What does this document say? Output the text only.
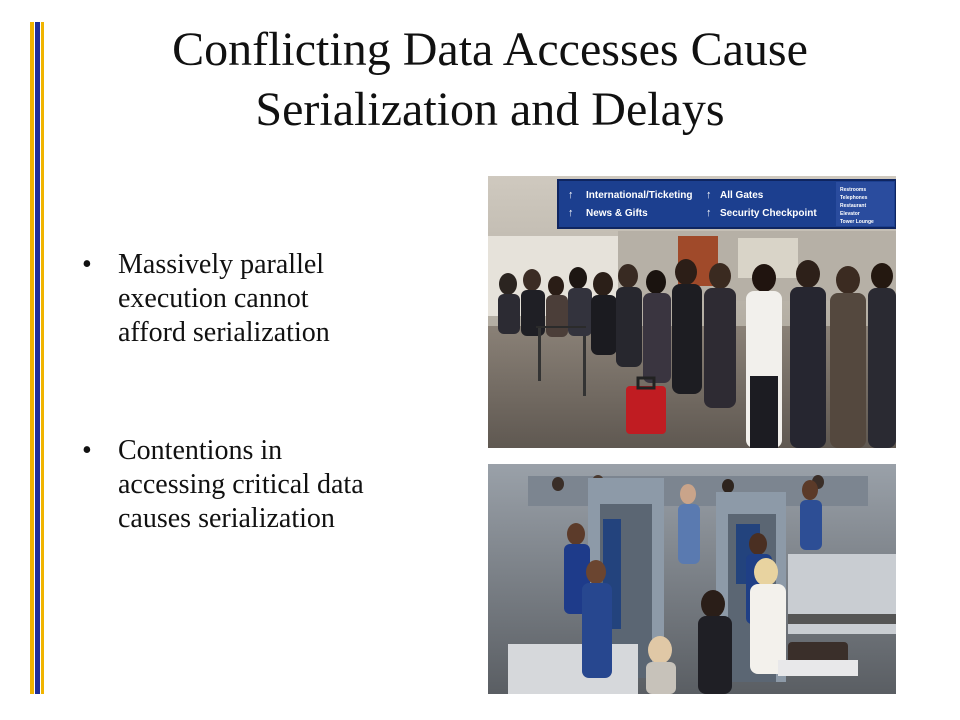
Conflicting Data Accesses Cause
Serialization and Delays
• Massively parallel
execution cannot
afford serialization
• Contentions in
accessing critical data
causes serialization
International/Ticketing
News & Gifts
All Gates
Security Checkpoint
Restrooms
Telephones
Restaurant
Elevator
Tower Lounge
↑
↑
↑
↑
